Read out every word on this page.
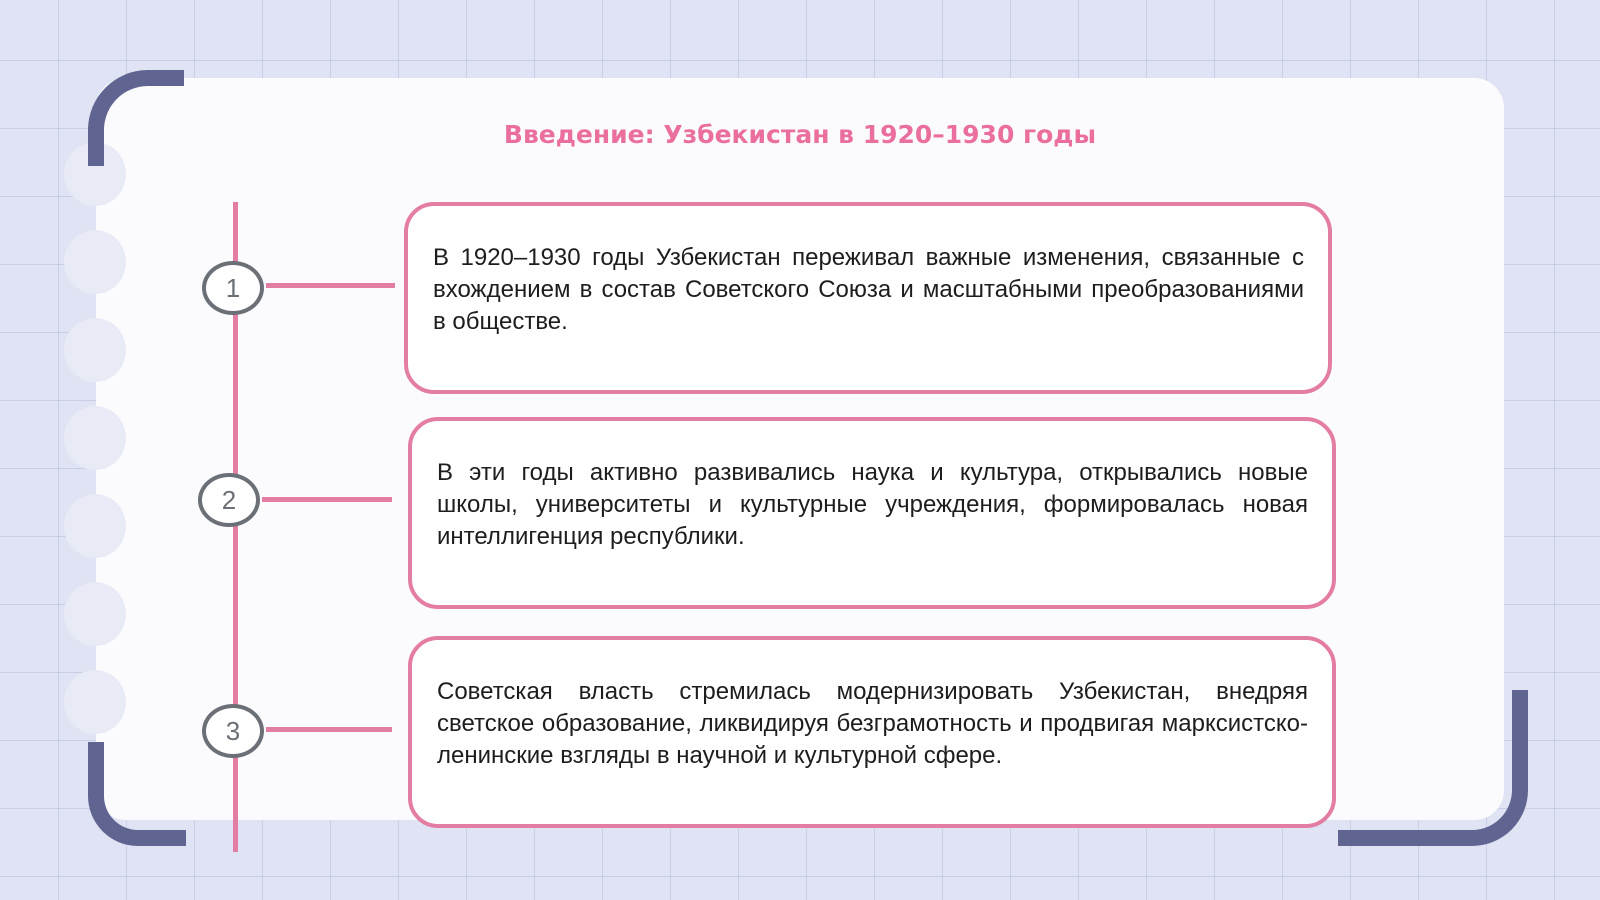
Введение: Узбекистан в 1920–1930 годы
1
2
3
В 1920–1930 годы Узбекистан переживал важные изменения, связанные с вхождением в состав Советского Союза и масштабными преобразованиями в обществе.
В эти годы активно развивались наука и культура, открывались новые школы, университеты и культурные учреждения, формировалась новая интеллигенция республики.
Советская власть стремилась модернизировать Узбекистан, внедряя светское образование, ликвидируя безграмотность и продвигая марксистско-ленинские взгляды в научной и культурной сфере.
